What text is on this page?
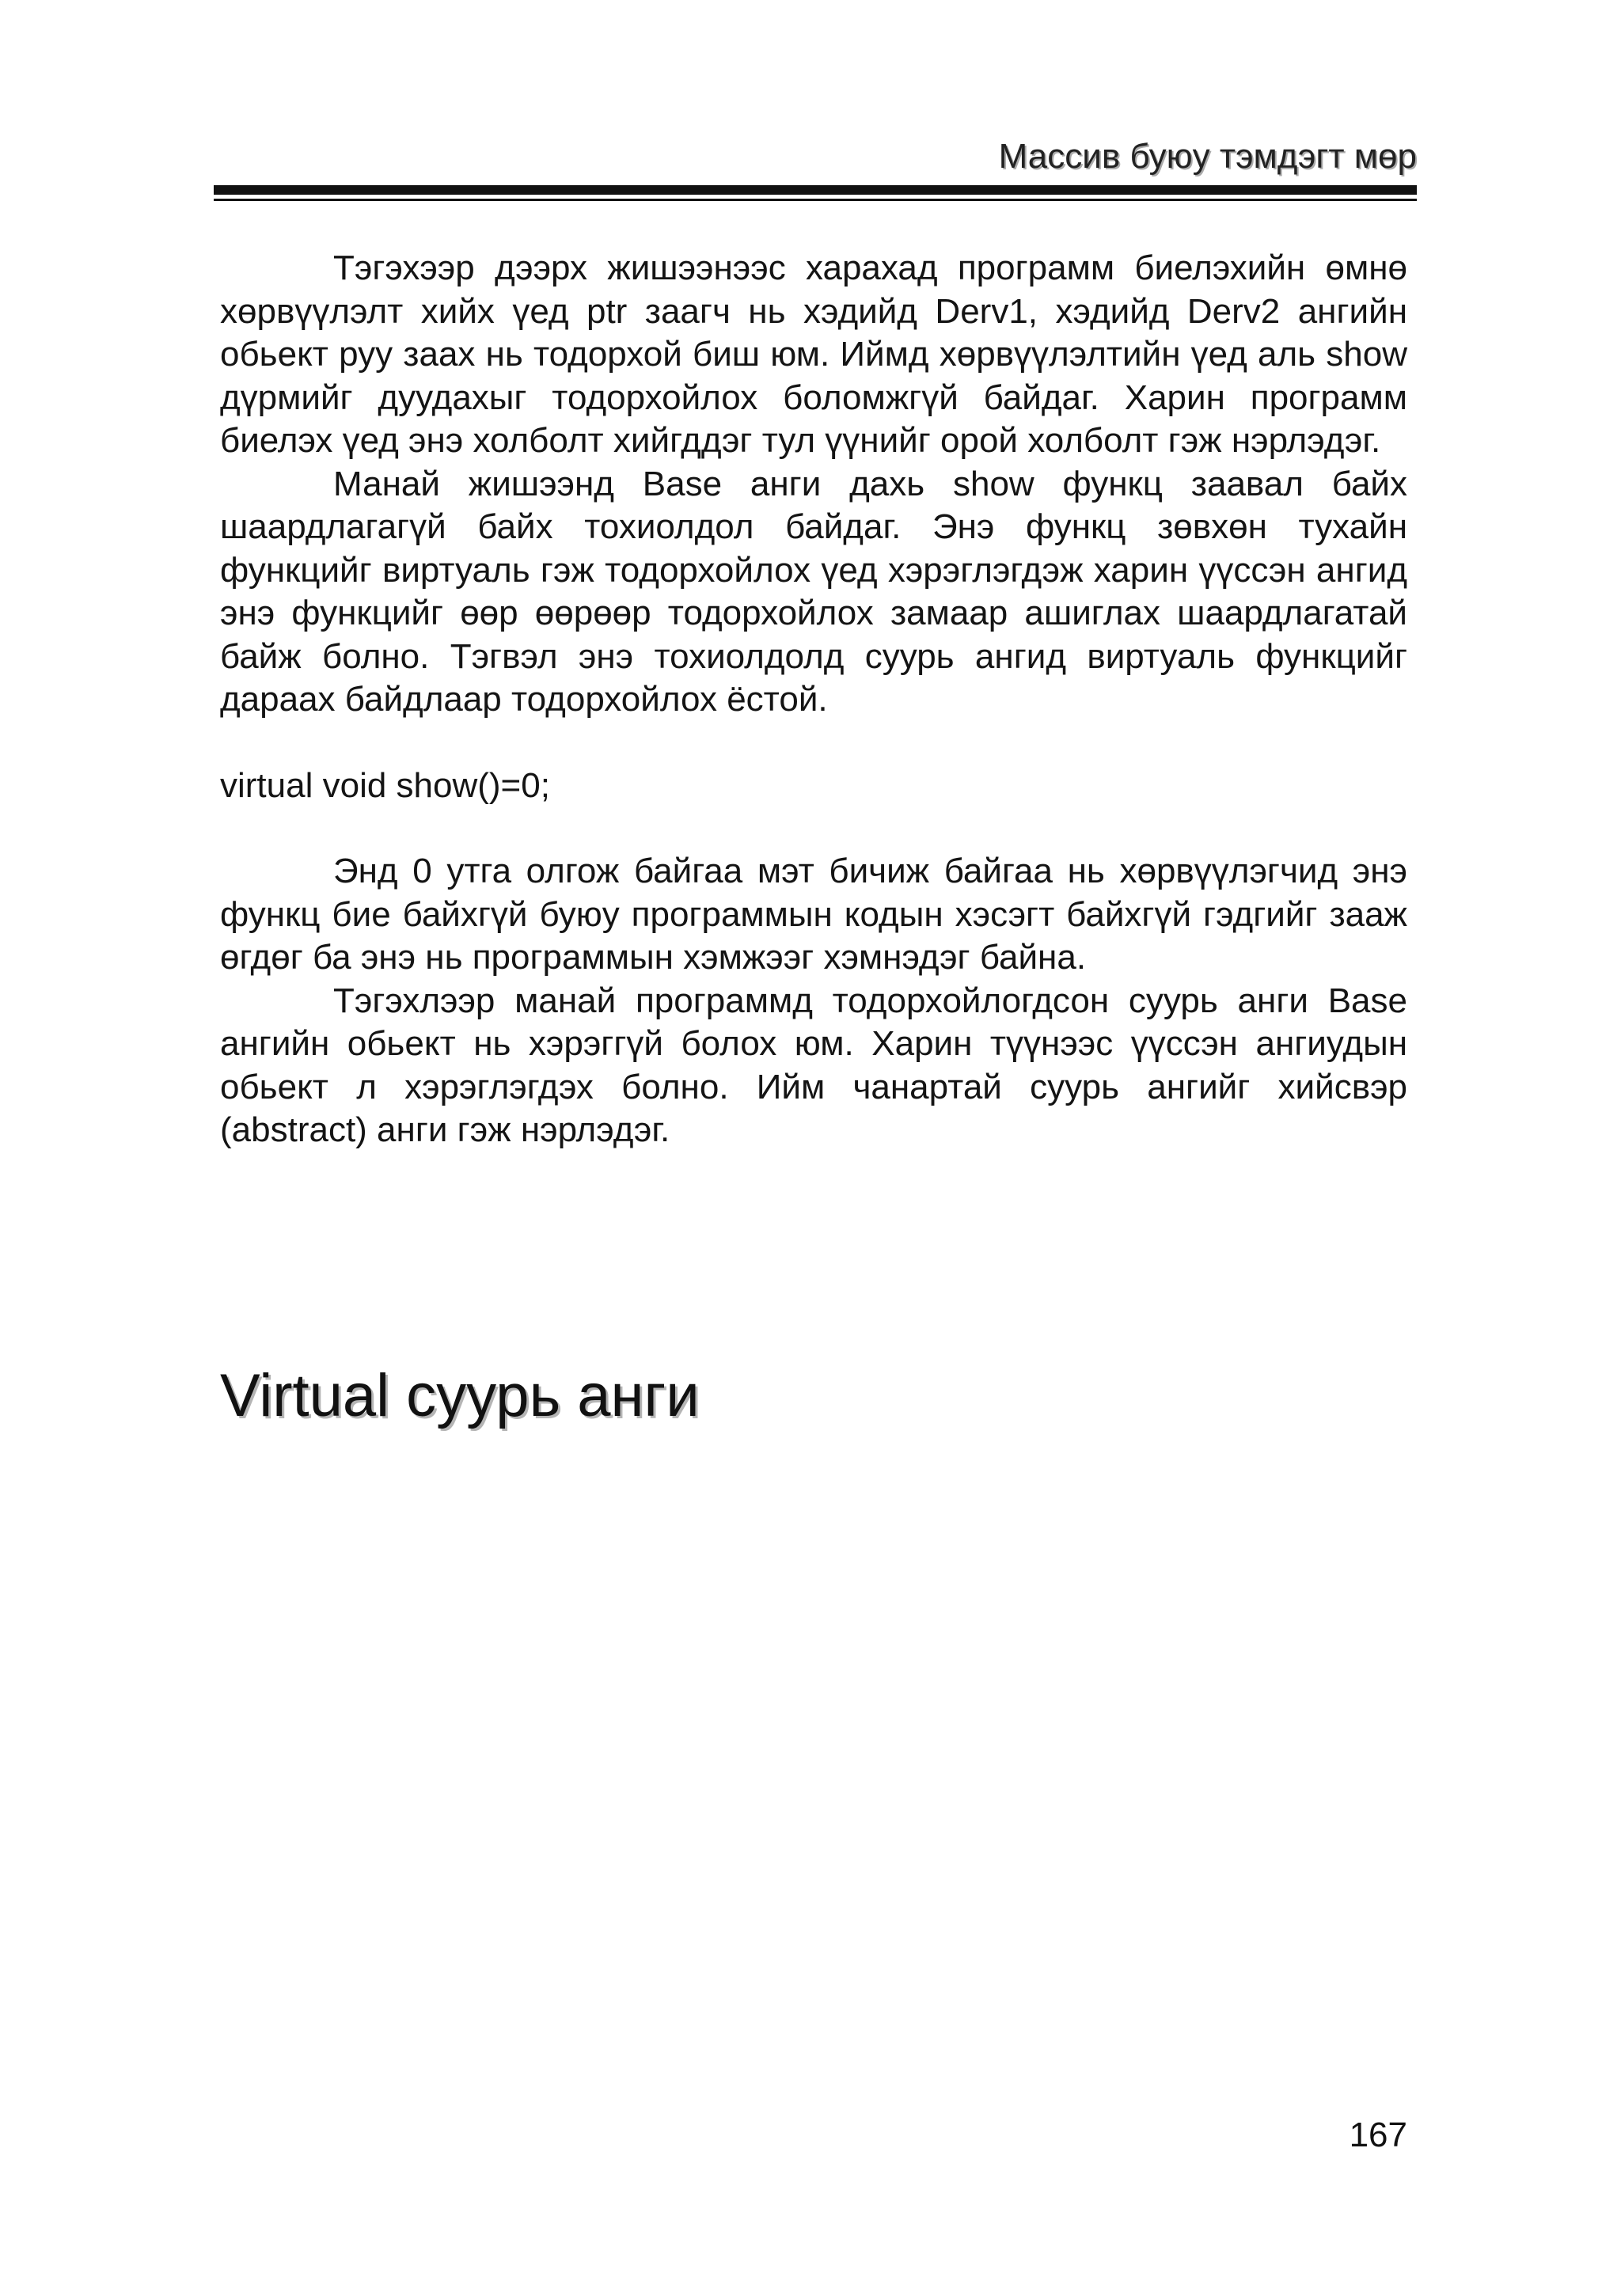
Массив буюу тэмдэгт мөр

Тэгэхээр дээрх жишээнээс харахад программ биелэхийн өмнө хөрвүүлэлт хийх үед ptr заагч нь хэдийд Derv1, хэдийд Derv2 ангийн обьект руу заах нь тодорхой биш юм. Иймд хөрвүүлэлтийн үед аль show дүрмийг дуудахыг тодорхойлох боломжгүй байдаг. Харин программ биелэх үед энэ холболт хийгддэг тул үүнийг орой холболт гэж нэрлэдэг.

Манай жишээнд Base анги дахь show функц заавал байх шаардлагагүй байх тохиолдол байдаг. Энэ функц зөвхөн тухайн функцийг виртуаль гэж тодорхойлох үед хэрэглэгдэж харин үүссэн ангид энэ функцийг өөр өөрөөр тодорхойлох замаар ашиглах шаардлагатай байж болно. Тэгвэл энэ тохиолдолд суурь ангид виртуаль функцийг дараах байдлаар тодорхойлох ёстой.

virtual void show()=0;

Энд 0 утга олгож байгаа мэт бичиж байгаа нь хөрвүүлэгчид энэ функц бие байхгүй буюу программын кодын хэсэгт байхгүй гэдгийг зааж өгдөг ба энэ нь программын хэмжээг хэмнэдэг байна.

Тэгэхлээр манай программд тодорхойлогдсон суурь анги Base ангийн обьект нь хэрэггүй болох юм. Харин түүнээс үүссэн ангиудын обьект л хэрэглэгдэх болно. Ийм чанартай суурь ангийг хийсвэр (abstract) анги гэж нэрлэдэг.

Virtual суурь анги
167
